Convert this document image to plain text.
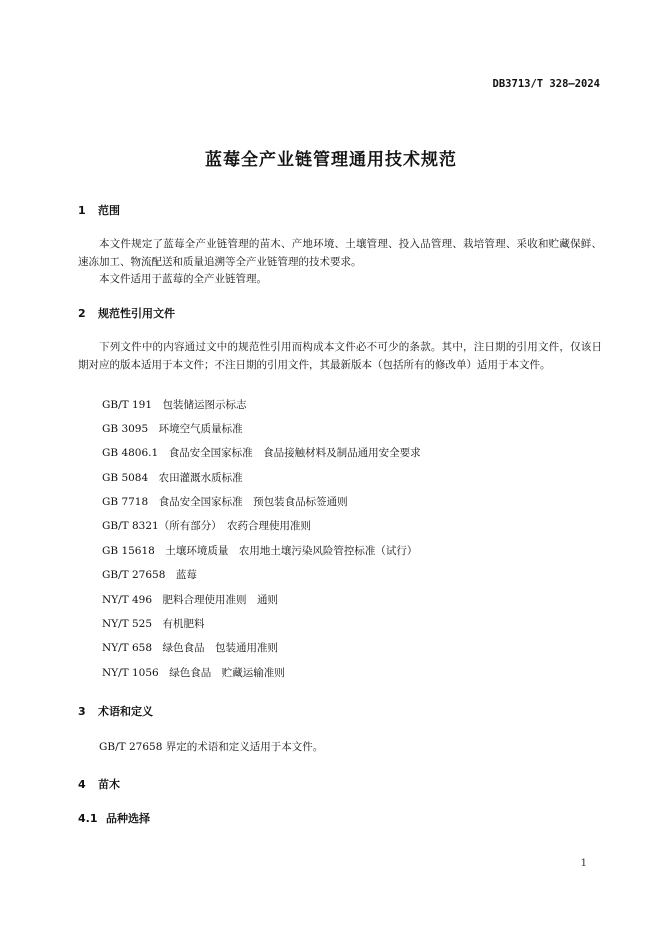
DB3713/T 328—2024
蓝莓全产业链管理通用技术规范
1 范围
本文件规定了蓝莓全产业链管理的苗木、产地环境、土壤管理、投入品管理、栽培管理、采收和贮藏保鲜、速冻加工、物流配送和质量追溯等全产业链管理的技术要求。
本文件适用于蓝莓的全产业链管理。
2 规范性引用文件
下列文件中的内容通过文中的规范性引用而构成本文件必不可少的条款。其中，注日期的引用文件，仅该日期对应的版本适用于本文件；不注日期的引用文件，其最新版本（包括所有的修改单）适用于本文件。
GB/T 191　 包装储运图示标志
GB 3095　 环境空气质量标准
GB 4806.1　 食品安全国家标准　食品接触材料及制品通用安全要求
GB 5084　 农田灌溉水质标准
GB 7718　 食品安全国家标准　预包装食品标签通则
GB/T 8321（所有部分）　 农药合理使用准则
GB 15618　 土壤环境质量　农用地土壤污染风险管控标准（试行）
GB/T 27658　 蓝莓
NY/T 496　 肥料合理使用准则　通则
NY/T 525　 有机肥料
NY/T 658　 绿色食品　包装通用准则
NY/T 1056　 绿色食品　贮藏运输准则
3 术语和定义
GB/T 27658 界定的术语和定义适用于本文件。
4 苗木
4.1 品种选择
1
